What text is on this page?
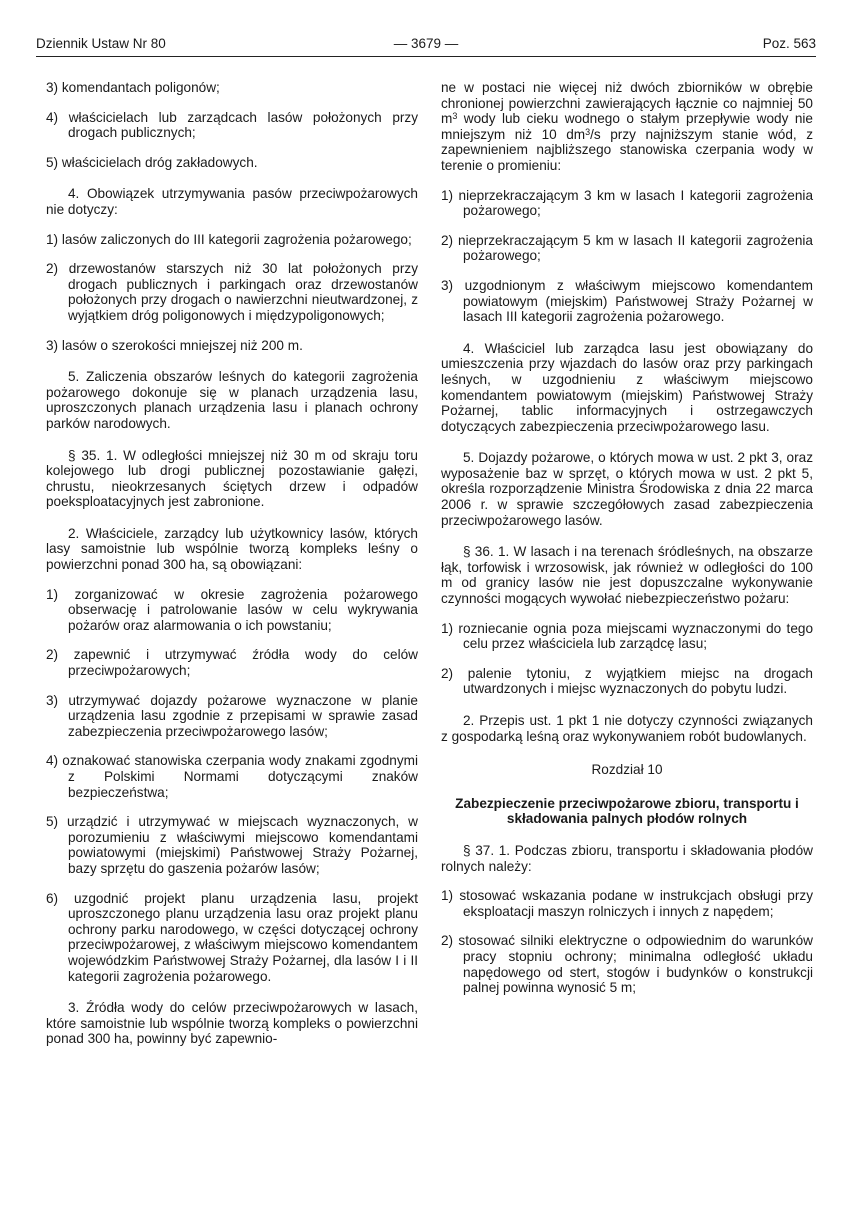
Dziennik Ustaw Nr 80	— 3679 —	Poz. 563

3) komendantach poligonów;

4) właścicielach lub zarządcach lasów położonych przy drogach publicznych;

5) właścicielach dróg zakładowych.

4. Obowiązek utrzymywania pasów przeciwpożarowych nie dotyczy:

1) lasów zaliczonych do III kategorii zagrożenia pożarowego;

2) drzewostanów starszych niż 30 lat położonych przy drogach publicznych i parkingach oraz drzewostanów położonych przy drogach o nawierzchni nieutwardzonej, z wyjątkiem dróg poligonowych i międzypoligonowych;

3) lasów o szerokości mniejszej niż 200 m.

5. Zaliczenia obszarów leśnych do kategorii zagrożenia pożarowego dokonuje się w planach urządzenia lasu, uproszczonych planach urządzenia lasu i planach ochrony parków narodowych.

§ 35. 1. W odległości mniejszej niż 30 m od skraju toru kolejowego lub drogi publicznej pozostawianie gałęzi, chrustu, nieokrzesanych ściętych drzew i odpadów poeksploatacyjnych jest zabronione.

2. Właściciele, zarządcy lub użytkownicy lasów, których lasy samoistnie lub wspólnie tworzą kompleks leśny o powierzchni ponad 300 ha, są obowiązani:

1) zorganizować w okresie zagrożenia pożarowego obserwację i patrolowanie lasów w celu wykrywania pożarów oraz alarmowania o ich powstaniu;

2) zapewnić i utrzymywać źródła wody do celów przeciwpożarowych;

3) utrzymywać dojazdy pożarowe wyznaczone w planie urządzenia lasu zgodnie z przepisami w sprawie zasad zabezpieczenia przeciwpożarowego lasów;

4) oznakować stanowiska czerpania wody znakami zgodnymi z Polskimi Normami dotyczącymi znaków bezpieczeństwa;

5) urządzić i utrzymywać w miejscach wyznaczonych, w porozumieniu z właściwymi miejscowo komendantami powiatowymi (miejskimi) Państwowej Straży Pożarnej, bazy sprzętu do gaszenia pożarów lasów;

6) uzgodnić projekt planu urządzenia lasu, projekt uproszczonego planu urządzenia lasu oraz projekt planu ochrony parku narodowego, w części dotyczącej ochrony przeciwpożarowej, z właściwym miejscowo komendantem wojewódzkim Państwowej Straży Pożarnej, dla lasów I i II kategorii zagrożenia pożarowego.

3. Źródła wody do celów przeciwpożarowych w lasach, które samoistnie lub wspólnie tworzą kompleks o powierzchni ponad 300 ha, powinny być zapewnio-

ne w postaci nie więcej niż dwóch zbiorników w obrębie chronionej powierzchni zawierających łącznie co najmniej 50 $m^3$ wody lub cieku wodnego o stałym przepływie wody nie mniejszym niż 10 $dm^3/s$ przy najniższym stanie wód, z zapewnieniem najbliższego stanowiska czerpania wody w terenie o promieniu:

1) nieprzekraczającym 3 km w lasach I kategorii zagrożenia pożarowego;

2) nieprzekraczającym 5 km w lasach II kategorii zagrożenia pożarowego;

3) uzgodnionym z właściwym miejscowo komendantem powiatowym (miejskim) Państwowej Straży Pożarnej w lasach III kategorii zagrożenia pożarowego.

4. Właściciel lub zarządca lasu jest obowiązany do umieszczenia przy wjazdach do lasów oraz przy parkingach leśnych, w uzgodnieniu z właściwym miejscowo komendantem powiatowym (miejskim) Państwowej Straży Pożarnej, tablic informacyjnych i ostrzegawczych dotyczących zabezpieczenia przeciwpożarowego lasu.

5. Dojazdy pożarowe, o których mowa w ust. 2 pkt 3, oraz wyposażenie baz w sprzęt, o których mowa w ust. 2 pkt 5, określa rozporządzenie Ministra Środowiska z dnia 22 marca 2006 r. w sprawie szczegółowych zasad zabezpieczenia przeciwpożarowego lasów.

§ 36. 1. W lasach i na terenach śródleśnych, na obszarze łąk, torfowisk i wrzosowisk, jak również w odległości do 100 m od granicy lasów nie jest dopuszczalne wykonywanie czynności mogących wywołać niebezpieczeństwo pożaru:

1) rozniecanie ognia poza miejscami wyznaczonymi do tego celu przez właściciela lub zarządcę lasu;

2) palenie tytoniu, z wyjątkiem miejsc na drogach utwardzonych i miejsc wyznaczonych do pobytu ludzi.

2. Przepis ust. 1 pkt 1 nie dotyczy czynności związanych z gospodarką leśną oraz wykonywaniem robót budowlanych.

Rozdział 10

Zabezpieczenie przeciwpożarowe zbioru, transportu i składowania palnych płodów rolnych

§ 37. 1. Podczas zbioru, transportu i składowania płodów rolnych należy:

1) stosować wskazania podane w instrukcjach obsługi przy eksploatacji maszyn rolniczych i innych z napędem;

2) stosować silniki elektryczne o odpowiednim do warunków pracy stopniu ochrony; minimalna odległość układu napędowego od stert, stogów i budynków o konstrukcji palnej powinna wynosić 5 m;
